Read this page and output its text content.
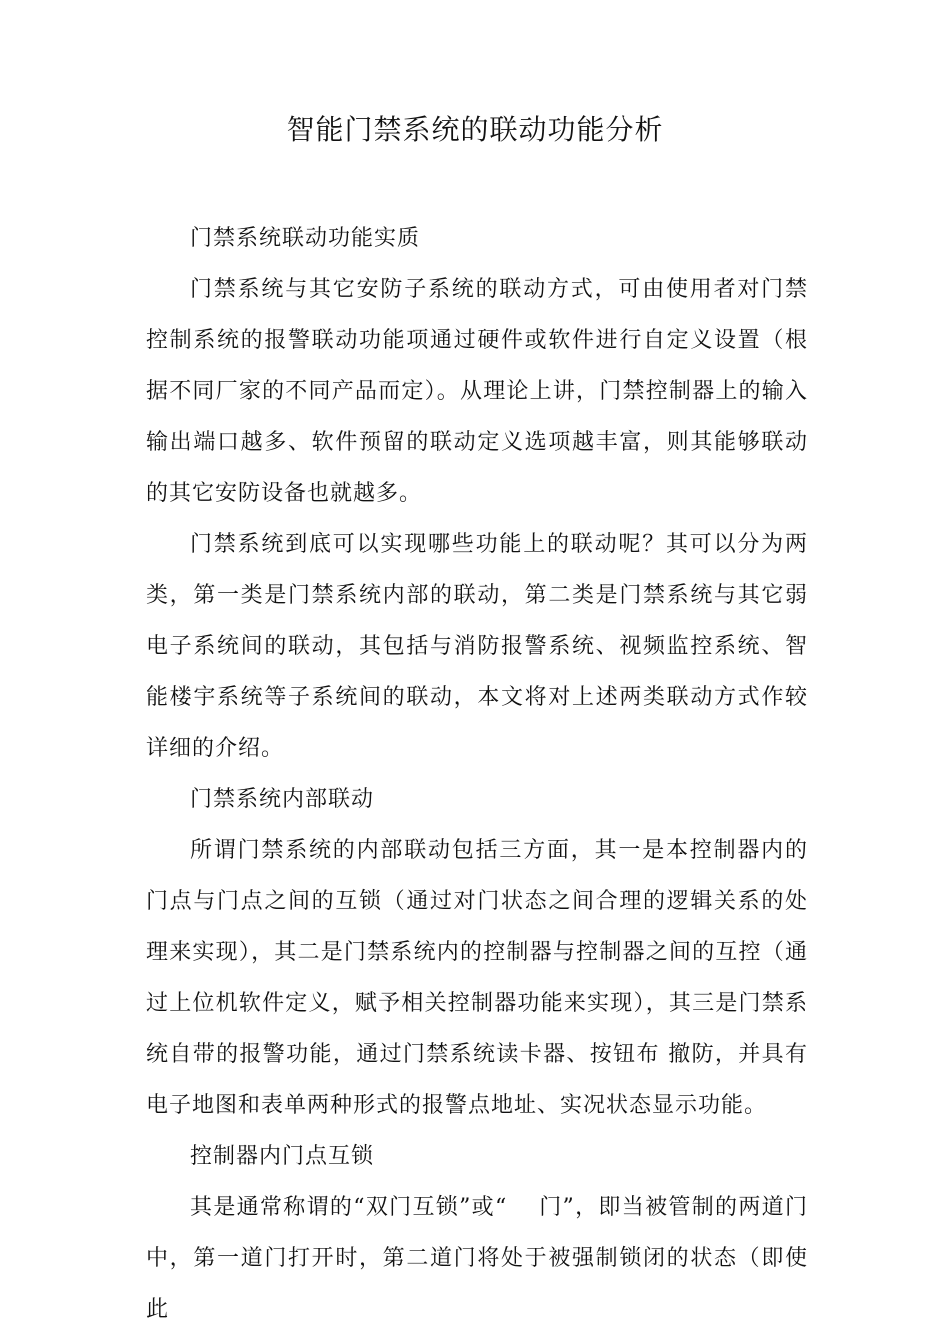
智能门禁系统的联动功能分析

门禁系统联动功能实质

门禁系统与其它安防子系统的联动方式，可由使用者对门禁控制系统的报警联动功能项通过硬件或软件进行自定义设置（根据不同厂家的不同产品而定）。从理论上讲，门禁控制器上的输入输出端口越多、软件预留的联动定义选项越丰富，则其能够联动的其它安防设备也就越多。

门禁系统到底可以实现哪些功能上的联动呢？其可以分为两类，第一类是门禁系统内部的联动，第二类是门禁系统与其它弱电子系统间的联动，其包括与消防报警系统、视频监控系统、智能楼宇系统等子系统间的联动，本文将对上述两类联动方式作较详细的介绍。

门禁系统内部联动

所谓门禁系统的内部联动包括三方面，其一是本控制器内的门点与门点之间的互锁（通过对门状态之间合理的逻辑关系的处理来实现），其二是门禁系统内的控制器与控制器之间的互控（通过上位机软件定义，赋予相关控制器功能来实现），其三是门禁系统自带的报警功能，通过门禁系统读卡器、按钮布 撤防，并具有电子地图和表单两种形式的报警点地址、实况状态显示功能。

控制器内门点互锁

其是通常称谓的“双门互锁”或“　 门”，即当被管制的两道门中，第一道门打开时，第二道门将处于被强制锁闭的状态（即使此
